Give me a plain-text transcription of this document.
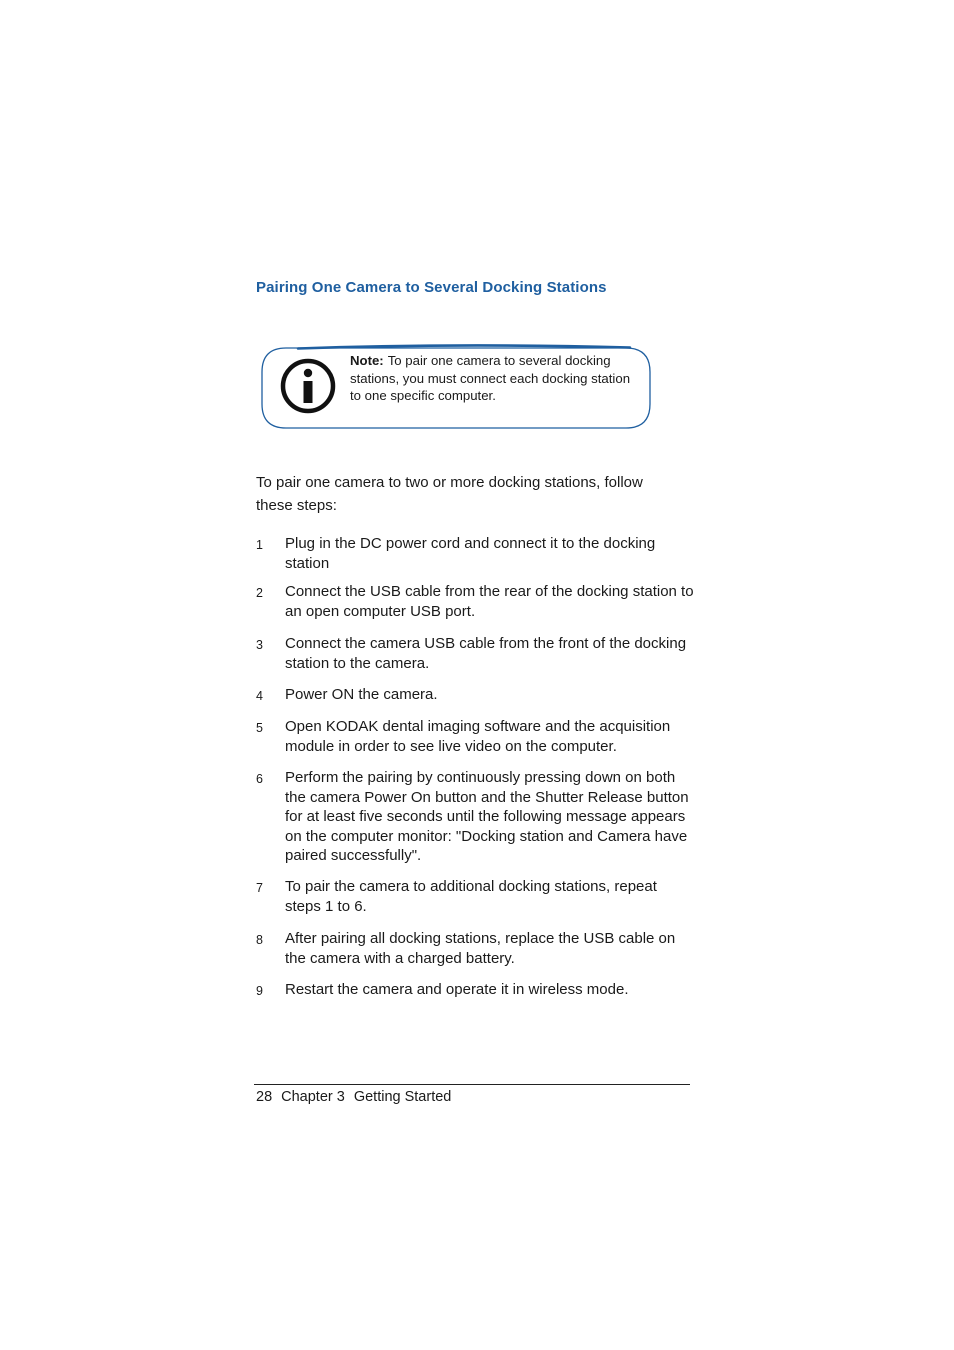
Pairing One Camera to Several Docking Stations
Note: To pair one camera to several docking stations, you must connect each docking station to one specific computer.

To pair one camera to two or more docking stations, follow these steps:

1	Plug in the DC power cord and connect it to the docking station
2	Connect the USB cable from the rear of the docking station to an open computer USB port.
3	Connect the camera USB cable from the front of the docking station to the camera.
4	Power ON the camera.
5	Open KODAK dental imaging software and the acquisition module in order to see live video on the computer.
6	Perform the pairing by continuously pressing down on both the camera Power On button and the Shutter Release button for at least five seconds until the following message appears on the computer monitor: "Docking station and Camera have paired successfully".
7	To pair the camera to additional docking stations, repeat steps 1 to 6.
8	After pairing all docking stations, replace the USB cable on the camera with a charged battery.
9	Restart the camera and operate it in wireless mode.
28 Chapter 3 Getting Started
